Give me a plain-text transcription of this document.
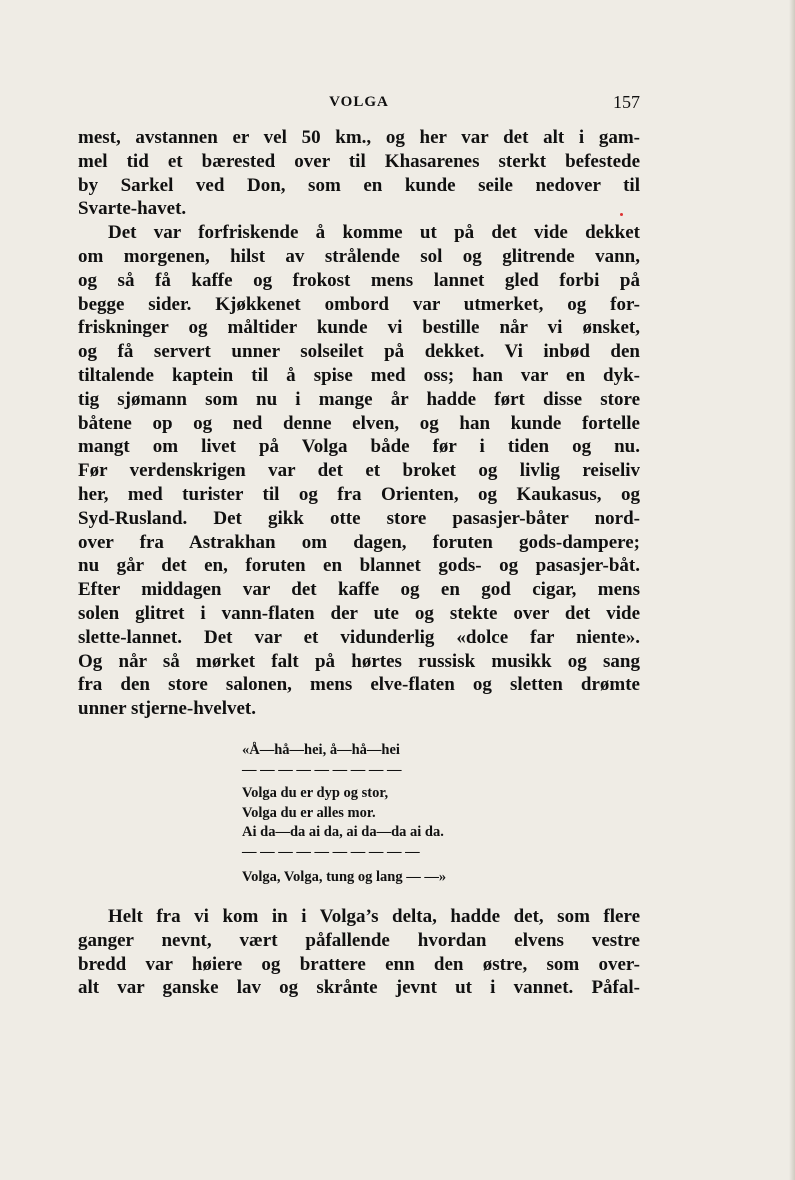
VOLGA	157
mest, avstannen er vel 50 km., og her var det alt i gam-
mel tid et bærested over til Khasarenes sterkt befestede
by Sarkel ved Don, som en kunde seile nedover til
Svarte-havet.
Det var forfriskende å komme ut på det vide dekket
om morgenen, hilst av strålende sol og glitrende vann,
og så få kaffe og frokost mens lannet gled forbi på
begge sider. Kjøkkenet ombord var utmerket, og for-
friskninger og måltider kunde vi bestille når vi ønsket,
og få servert unner solseilet på dekket. Vi inbød den
tiltalende kaptein til å spise med oss; han var en dyk-
tig sjømann som nu i mange år hadde ført disse store
båtene op og ned denne elven, og han kunde fortelle
mangt om livet på Volga både før i tiden og nu.
Før verdenskrigen var det et broket og livlig reiseliv
her, med turister til og fra Orienten, og Kaukasus, og
Syd-Rusland. Det gikk otte store pasasjer-båter nord-
over fra Astrakhan om dagen, foruten gods-dampere;
nu går det en, foruten en blannet gods- og pasasjer-båt.
Efter middagen var det kaffe og en god cigar, mens
solen glitret i vann-flaten der ute og stekte over det vide
slette-lannet. Det var et vidunderlig «dolce far niente».
Og når så mørket falt på hørtes russisk musikk og sang
fra den store salonen, mens elve-flaten og sletten drømte
unner stjerne-hvelvet.
«Å—hå—hei, å—hå—hei
— — — — — — — — —
Volga du er dyp og stor,
Volga du er alles mor.
Ai da—da ai da, ai da—da ai da.
— — — — — — — — — —
Volga, Volga, tung og lang — —»
Helt fra vi kom in i Volga’s delta, hadde det, som flere
ganger nevnt, vært påfallende hvordan elvens vestre
bredd var høiere og brattere enn den østre, som over-
alt var ganske lav og skrånte jevnt ut i vannet. Påfal-
